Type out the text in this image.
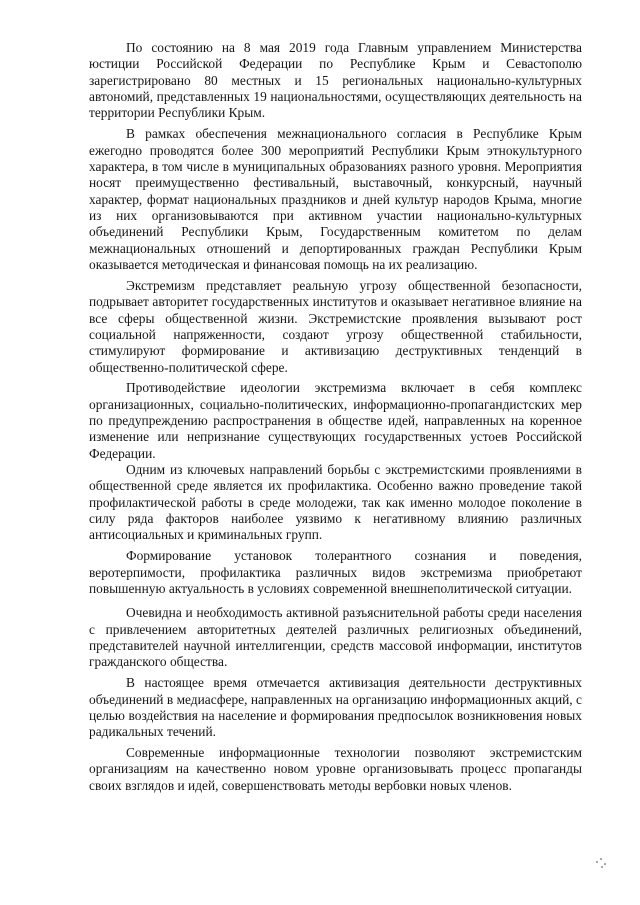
По состоянию на 8 мая 2019 года Главным управлением Министерства юстиции Российской Федерации по Республике Крым и Севастополю зарегистрировано 80 местных и 15 региональных национально-культурных автономий, представленных 19 национальностями, осуществляющих деятельность на территории Республики Крым.

В рамках обеспечения межнационального согласия в Республике Крым ежегодно проводятся более 300 мероприятий Республики Крым этнокультурного характера, в том числе в муниципальных образованиях разного уровня. Мероприятия носят преимущественно фестивальный, выставочный, конкурсный, научный характер, формат национальных праздников и дней культур народов Крыма, многие из них организовываются при активном участии национально-культурных объединений Республики Крым, Государственным комитетом по делам межнациональных отношений и депортированных граждан Республики Крым оказывается методическая и финансовая помощь на их реализацию.

Экстремизм представляет реальную угрозу общественной безопасности, подрывает авторитет государственных институтов и оказывает негативное влияние на все сферы общественной жизни. Экстремистские проявления вызывают рост социальной напряженности, создают угрозу общественной стабильности, стимулируют формирование и активизацию деструктивных тенденций в общественно-политической сфере.

Противодействие идеологии экстремизма включает в себя комплекс организационных, социально-политических, информационно-пропагандистских мер по предупреждению распространения в обществе идей, направленных на коренное изменение или непризнание существующих государственных устоев Российской Федерации.

Одним из ключевых направлений борьбы с экстремистскими проявлениями в общественной среде является их профилактика. Особенно важно проведение такой профилактической работы в среде молодежи, так как именно молодое поколение в силу ряда факторов наиболее уязвимо к негативному влиянию различных антисоциальных и криминальных групп.

Формирование установок толерантного сознания и поведения, веротерпимости, профилактика различных видов экстремизма приобретают повышенную актуальность в условиях современной внешнеполитической ситуации.

Очевидна и необходимость активной разъяснительной работы среди населения с привлечением авторитетных деятелей различных религиозных объединений, представителей научной интеллигенции, средств массовой информации, институтов гражданского общества.

В настоящее время отмечается активизация деятельности деструктивных объединений в медиасфере, направленных на организацию информационных акций, с целью воздействия на население и формирования предпосылок возникновения новых радикальных течений.

Современные информационные технологии позволяют экстремистским организациям на качественно новом уровне организовывать процесс пропаганды своих взглядов и идей, совершенствовать методы вербовки новых членов.
